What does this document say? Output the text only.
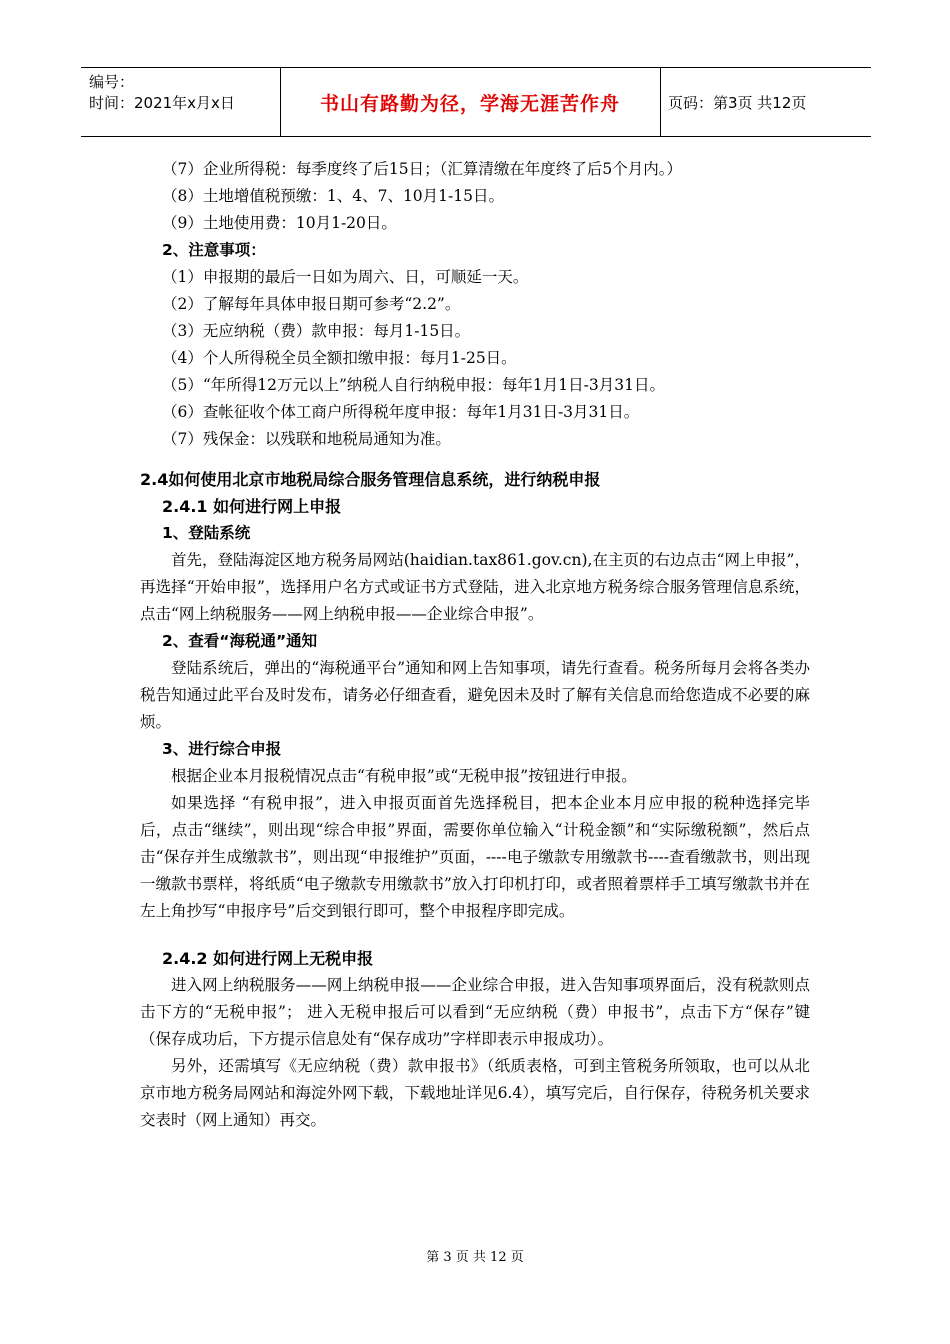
编号：
时间：2021年x月x日	书山有路勤为径，学海无涯苦作舟	页码：第3页 共12页

（7）企业所得税：每季度终了后15日；（汇算清缴在年度终了后5个月内。）

（8）土地增值税预缴：1、4、7、10月1-15日。

（9）土地使用费：10月1-20日。

2、注意事项：

（1）申报期的最后一日如为周六、日，可顺延一天。

（2）了解每年具体申报日期可参考“2.2”。

（3）无应纳税（费）款申报：每月1-15日。

（4）个人所得税全员全额扣缴申报：每月1-25日。

（5）“年所得12万元以上”纳税人自行纳税申报：每年1月1日-3月31日。

（6）查帐征收个体工商户所得税年度申报：每年1月31日-3月31日。

（7）残保金：以残联和地税局通知为准。

2.4如何使用北京市地税局综合服务管理信息系统，进行纳税申报

2.4.1 如何进行网上申报

1、登陆系统

首先，登陆海淀区地方税务局网站(haidian.tax861.gov.cn),在主页的右边点击“网上申报”，再选择“开始申报”，选择用户名方式或证书方式登陆，进入北京地方税务综合服务管理信息系统，点击“网上纳税服务——网上纳税申报——企业综合申报”。

2、查看“海税通”通知

登陆系统后，弹出的“海税通平台”通知和网上告知事项，请先行查看。税务所每月会将各类办税告知通过此平台及时发布，请务必仔细查看，避免因未及时了解有关信息而给您造成不必要的麻烦。

3、进行综合申报

根据企业本月报税情况点击“有税申报”或“无税申报”按钮进行申报。

如果选择 “有税申报”，进入申报页面首先选择税目，把本企业本月应申报的税种选择完毕后，点击“继续”，则出现“综合申报”界面，需要你单位输入“计税金额”和“实际缴税额”，然后点击“保存并生成缴款书”，则出现“申报维护”页面，----电子缴款专用缴款书----查看缴款书，则出现一缴款书票样，将纸质“电子缴款专用缴款书”放入打印机打印，或者照着票样手工填写缴款书并在左上角抄写“申报序号”后交到银行即可，整个申报程序即完成。

2.4.2 如何进行网上无税申报

进入网上纳税服务——网上纳税申报——企业综合申报，进入告知事项界面后，没有税款则点击下方的“无税申报”； 进入无税申报后可以看到“无应纳税（费）申报书”，点击下方“保存”键（保存成功后，下方提示信息处有“保存成功”字样即表示申报成功）。

另外，还需填写《无应纳税（费）款申报书》（纸质表格，可到主管税务所领取，也可以从北京市地方税务局网站和海淀外网下载，下载地址详见6.4），填写完后，自行保存，待税务机关要求交表时（网上通知）再交。

第 3 页 共 12 页
